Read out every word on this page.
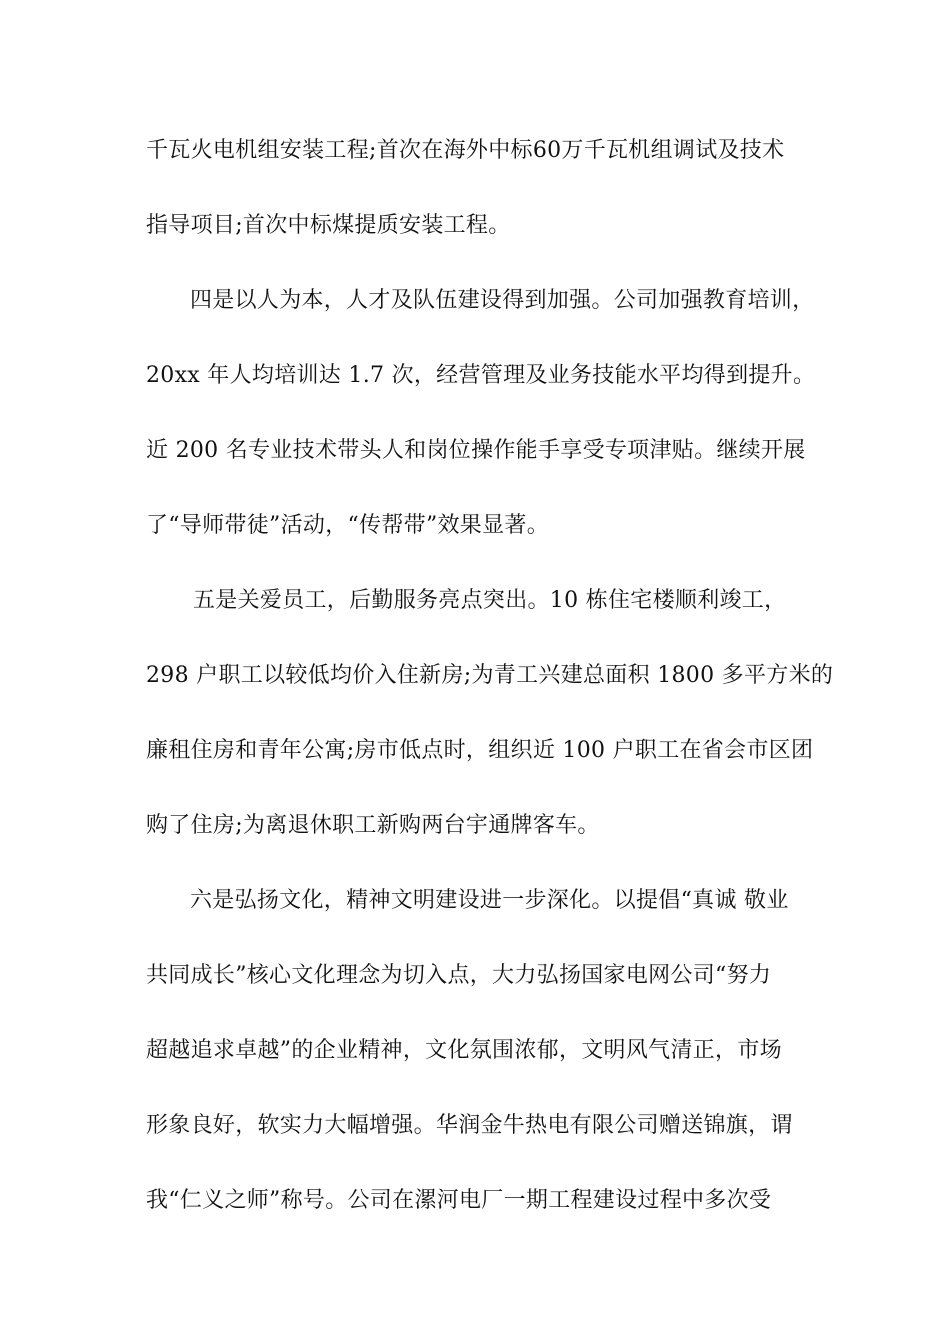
千瓦火电机组安装工程;首次在海外中标60万千瓦机组调试及技术
指导项目;首次中标煤提质安装工程。
四是以人为本，人才及队伍建设得到加强。公司加强教育培训，
20xx 年人均培训达 1.7 次，经营管理及业务技能水平均得到提升。
近 200 名专业技术带头人和岗位操作能手享受专项津贴。继续开展
了“导师带徒”活动，“传帮带”效果显著。
五是关爱员工，后勤服务亮点突出。10 栋住宅楼顺利竣工，
298 户职工以较低均价入住新房;为青工兴建总面积 1800 多平方米的
廉租住房和青年公寓;房市低点时，组织近 100 户职工在省会市区团
购了住房;为离退休职工新购两台宇通牌客车。
六是弘扬文化，精神文明建设进一步深化。以提倡“真诚 敬业
共同成长”核心文化理念为切入点，大力弘扬国家电网公司“努力
超越追求卓越”的企业精神，文化氛围浓郁，文明风气清正，市场
形象良好，软实力大幅增强。华润金牛热电有限公司赠送锦旗，谓
我“仁义之师”称号。公司在漯河电厂一期工程建设过程中多次受
